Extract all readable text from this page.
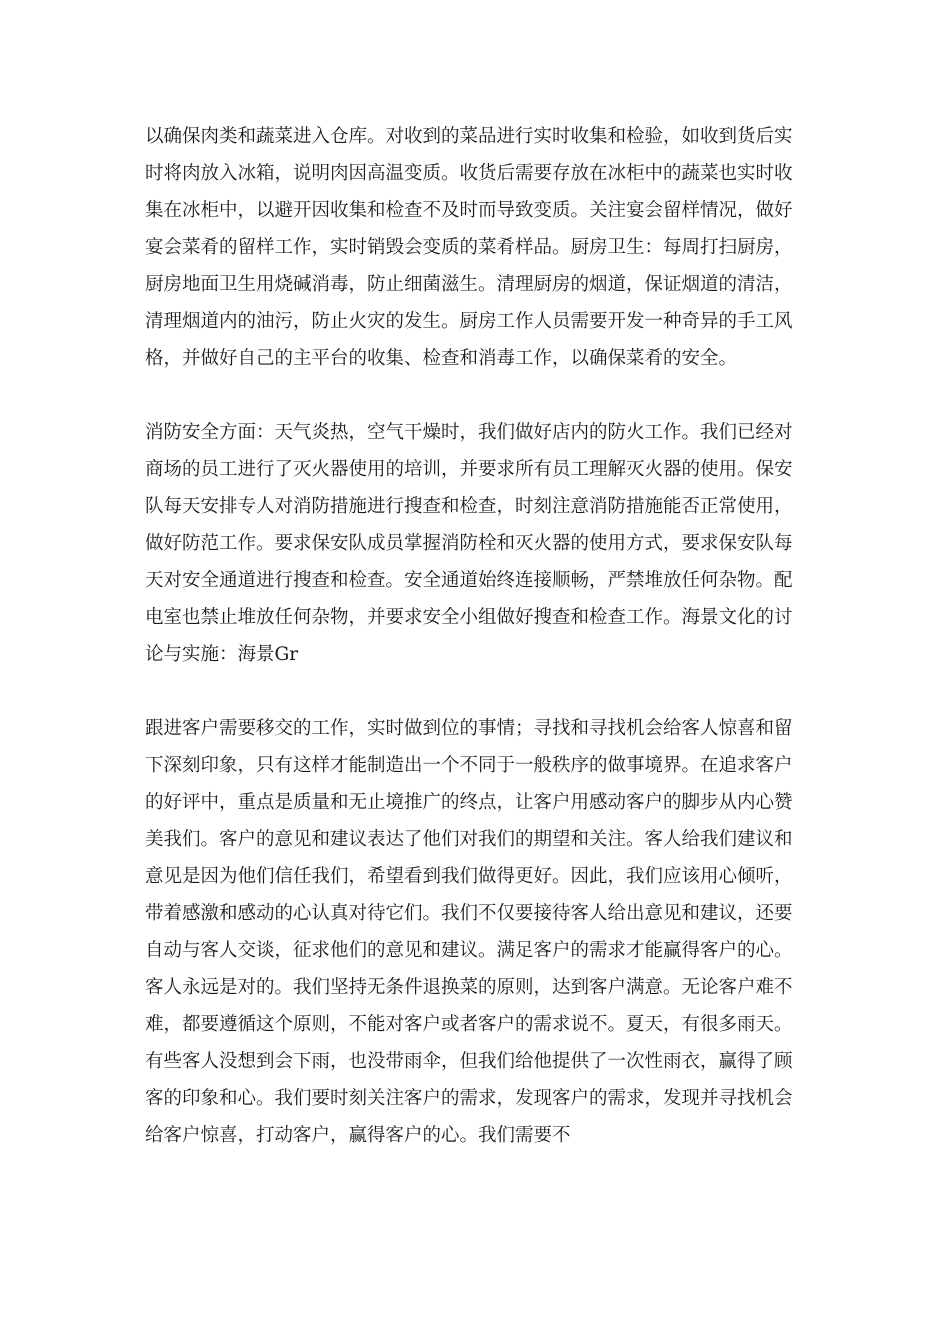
以确保肉类和蔬菜进入仓库。对收到的菜品进行实时收集和检验，如收到货后实时将肉放入冰箱，说明肉因高温变质。收货后需要存放在冰柜中的蔬菜也实时收集在冰柜中，以避开因收集和检查不及时而导致变质。关注宴会留样情况，做好宴会菜肴的留样工作，实时销毁会变质的菜肴样品。厨房卫生：每周打扫厨房，厨房地面卫生用烧碱消毒，防止细菌滋生。清理厨房的烟道，保证烟道的清洁，清理烟道内的油污，防止火灾的发生。厨房工作人员需要开发一种奇异的手工风格，并做好自己的主平台的收集、检查和消毒工作，以确保菜肴的安全。

消防安全方面：天气炎热，空气干燥时，我们做好店内的防火工作。我们已经对商场的员工进行了灭火器使用的培训，并要求所有员工理解灭火器的使用。保安队每天安排专人对消防措施进行搜查和检查，时刻注意消防措施能否正常使用，做好防范工作。要求保安队成员掌握消防栓和灭火器的使用方式，要求保安队每天对安全通道进行搜查和检查。安全通道始终连接顺畅，严禁堆放任何杂物。配电室也禁止堆放任何杂物，并要求安全小组做好搜查和检查工作。海景文化的讨论与实施：海景Gr

跟进客户需要移交的工作，实时做到位的事情；寻找和寻找机会给客人惊喜和留下深刻印象，只有这样才能制造出一个不同于一般秩序的做事境界。在追求客户的好评中，重点是质量和无止境推广的终点，让客户用感动客户的脚步从内心赞美我们。客户的意见和建议表达了他们对我们的期望和关注。客人给我们建议和意见是因为他们信任我们，希望看到我们做得更好。因此，我们应该用心倾听，带着感激和感动的心认真对待它们。我们不仅要接待客人给出意见和建议，还要自动与客人交谈，征求他们的意见和建议。满足客户的需求才能赢得客户的心。客人永远是对的。我们坚持无条件退换菜的原则，达到客户满意。无论客户难不难，都要遵循这个原则，不能对客户或者客户的需求说不。夏天，有很多雨天。有些客人没想到会下雨，也没带雨伞，但我们给他提供了一次性雨衣，赢得了顾客的印象和心。我们要时刻关注客户的需求，发现客户的需求，发现并寻找机会给客户惊喜，打动客户，赢得客户的心。我们需要不
